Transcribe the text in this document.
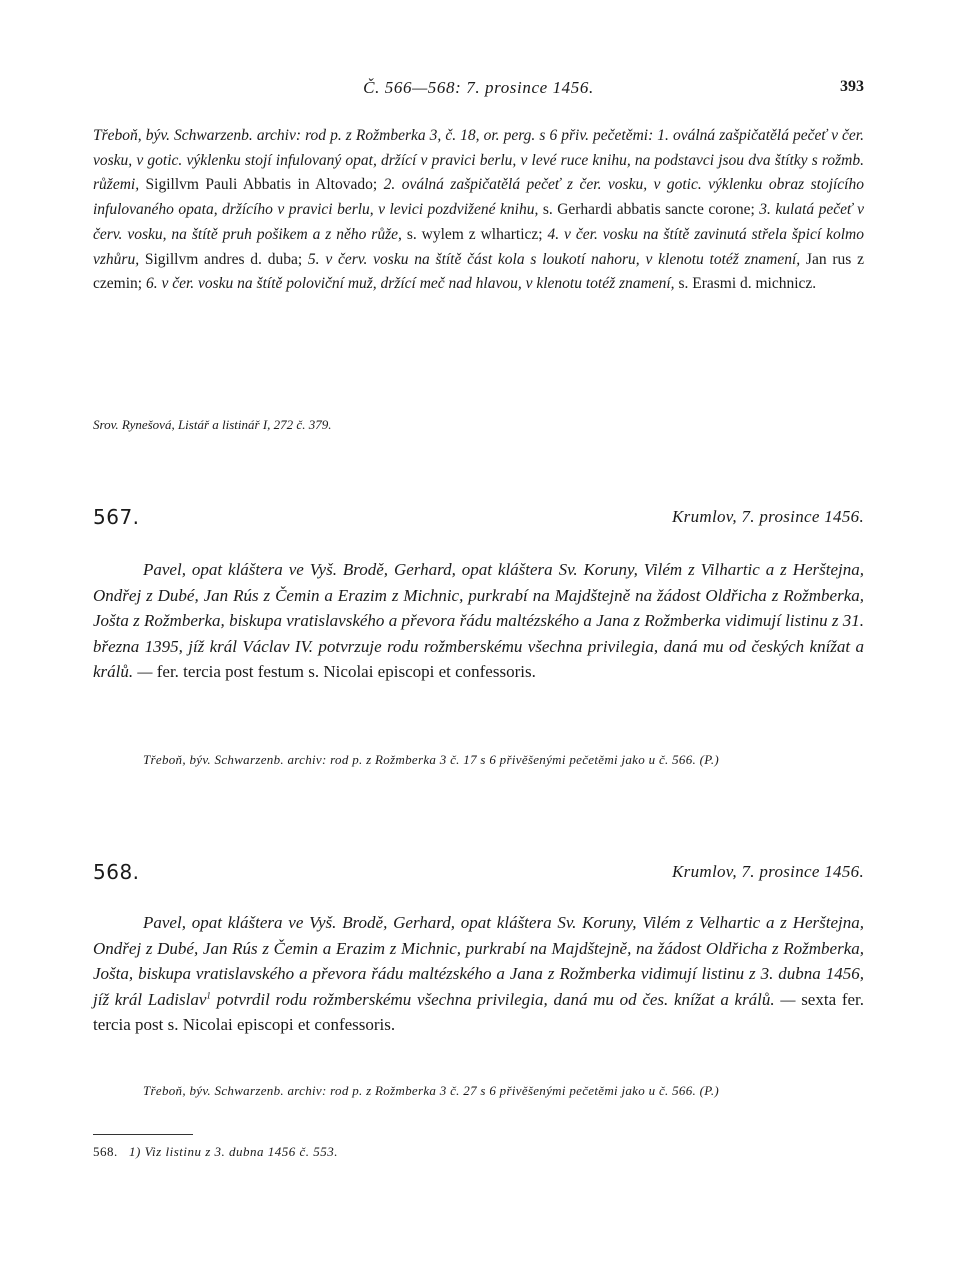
Č. 566—568: 7. prosince 1456.	393
Třeboň, býv. Schwarzenb. archiv: rod p. z Rožmberka 3, č. 18, or. perg. s 6 přiv. pečetěmi: 1. oválná zašpičatělá pečeť v čer. vosku, v gotic. výklenku stojí infulovaný opat, držící v pravici berlu, v levé ruce knihu, na podstavci jsou dva štítky s rožmb. růžemi, Sigillvm Pauli Abbatis in Altovado; 2. oválná zašpičatělá pečeť z čer. vosku, v gotic. výklenku obraz stojícího infulovaného opata, držícího v pravici berlu, v levici pozdvižené knihu, s. Gerhardi abbatis sancte corone; 3. kulatá pečeť v červ. vosku, na štítě pruh pošikem a z něho růže, s. wylem z wlharticz; 4. v čer. vosku na štítě zavinutá střela špicí kolmo vzhůru, Sigillvm andres d. duba; 5. v červ. vosku na štítě část kola s loukotí nahoru, v klenotu totéž znamení, Jan rus z czemin; 6. v čer. vosku na štítě poloviční muž, držící meč nad hlavou, v klenotu totéž znamení, s. Erasmi d. michnicz.
Srov. Rynešová, Listář a listinář I, 272 č. 379.
567.	Krumlov, 7. prosince 1456.

Pavel, opat kláštera ve Vyš. Brodě, Gerhard, opat kláštera Sv. Koruny, Vilém z Vilhartic a z Herštejna, Ondřej z Dubé, Jan Rús z Čemin a Erazim z Michnic, purkrabí na Majdštejně na žádost Oldřicha z Rožmberka, Jošta z Rožmberka, biskupa vratislavského a převora řádu maltézského a Jana z Rožmberka vidimují listinu z 31. března 1395, jíž král Václav IV. potvrzuje rodu rožmberskému všechna privilegia, daná mu od českých knížat a králů. — fer. tercia post festum s. Nicolai episcopi et confessoris.

Třeboň, býv. Schwarzenb. archiv: rod p. z Rožmberka 3 č. 17 s 6 přivěšenými pečetěmi jako u č. 566. (P.)

568.	Krumlov, 7. prosince 1456.

Pavel, opat kláštera ve Vyš. Brodě, Gerhard, opat kláštera Sv. Koruny, Vilém z Velhartic a z Herštejna, Ondřej z Dubé, Jan Rús z Čemin a Erazim z Michnic, purkrabí na Majdštejně, na žádost Oldřicha z Rožmberka, Jošta, biskupa vratislavského a převora řádu maltézského a Jana z Rožmberka vidimují listinu z 3. dubna 1456, jíž král Ladislav$^1$ potvrdil rodu rožmberskému všechna privilegia, daná mu od čes. knížat a králů. — sexta fer. tercia post s. Nicolai episcopi et confessoris.

Třeboň, býv. Schwarzenb. archiv: rod p. z Rožmberka 3 č. 27 s 6 přivěšenými pečetěmi jako u č. 566. (P.)

568. 1) Viz listinu z 3. dubna 1456 č. 553.
